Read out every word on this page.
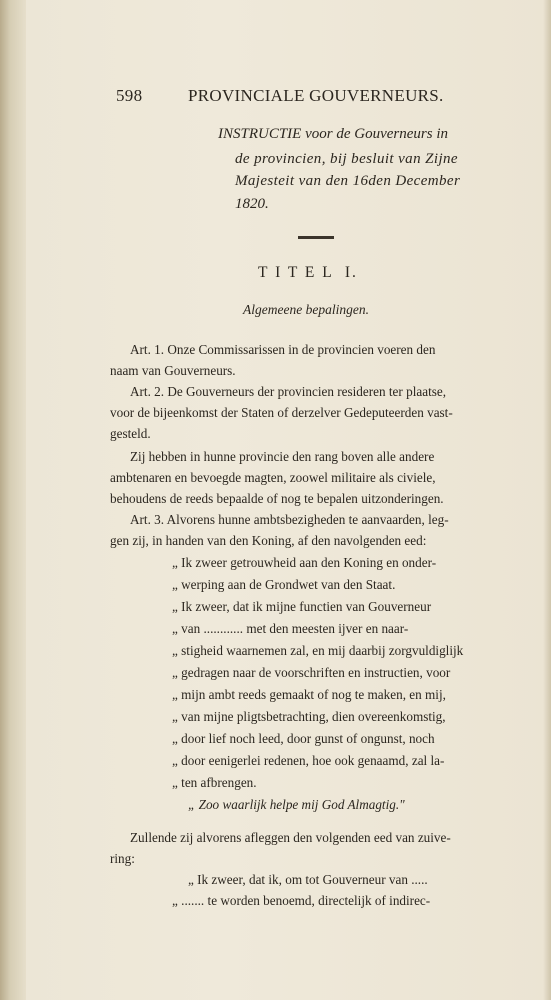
598	PROVINCIALE GOUVERNEURS.
INSTRUCTIE voor de Gouverneurs in
de provincien, bij besluit van Zijne
Majesteit van den 16den December
1820.
T I T E L  I.
Algemeene bepalingen.
Art. 1. Onze Commissarissen in de provincien voeren den
naam van Gouverneurs.
Art. 2. De Gouverneurs der provincien resideren ter plaatse,
voor de bijeenkomst der Staten of derzelver Gedeputeerden vast-
gesteld.
Zij hebben in hunne provincie den rang boven alle andere
ambtenaren en bevoegde magten, zoowel militaire als civiele,
behoudens de reeds bepaalde of nog te bepalen uitzonderingen.
Art. 3. Alvorens hunne ambtsbezigheden te aanvaarden, leg-
gen zij, in handen van den Koning, af den navolgenden eed:
„ Ik zweer getrouwheid aan den Koning en onder-
„ werping aan de Grondwet van den Staat.
„ Ik zweer, dat ik mijne functien van Gouverneur
„ van ............ met den meesten ijver en naar-
„ stigheid waarnemen zal, en mij daarbij zorgvuldiglijk
„ gedragen naar de voorschriften en instructien, voor
„ mijn ambt reeds gemaakt of nog te maken, en mij,
„ van mijne pligtsbetrachting, dien overeenkomstig,
„ door lief noch leed, door gunst of ongunst, noch
„ door eenigerlei redenen, hoe ook genaamd, zal la-
„ ten afbrengen.
„ Zoo waarlijk helpe mij God Almagtig."
Zullende zij alvorens afleggen den volgenden eed van zuive-
ring:
„ Ik zweer, dat ik, om tot Gouverneur van .....
„ ....... te worden benoemd, directelijk of indirec-
